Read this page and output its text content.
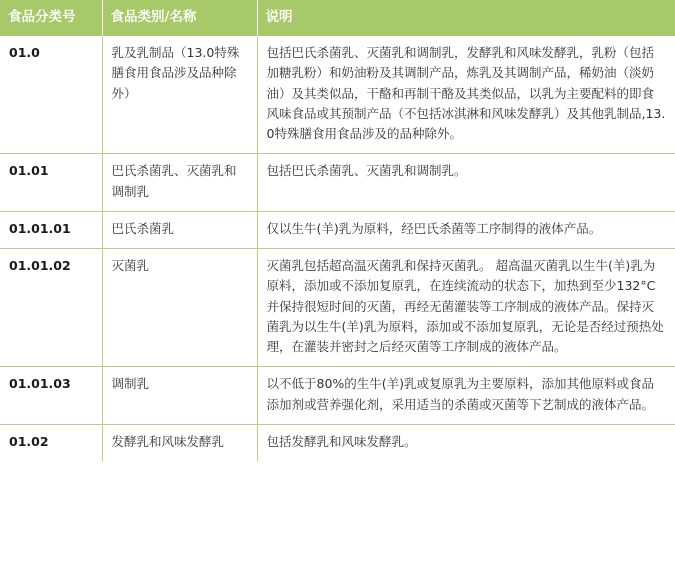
食品分类号	食品类别/名称	说明
01.0	乳及乳制品（13.0特殊膳食用食品涉及品种除外）	包括巴氏杀菌乳、灭菌乳和调制乳，发酵乳和风味发酵乳，乳粉（包括加糖乳粉）和奶油粉及其调制产品，炼乳及其调制产品，稀奶油（淡奶油）及其类似品，干酪和再制干酪及其类似品，以乳为主要配料的即食风味食品或其预制产品（不包括冰淇淋和风味发酵乳）及其他乳制品,13.0特殊膳食用食品涉及的品种除外。
01.01	巴氏杀菌乳、灭菌乳和调制乳	包括巴氏杀菌乳、灭菌乳和调制乳。
01.01.01	巴氏杀菌乳	仅以生牛(羊)乳为原料，经巴氏杀菌等工序制得的液体产品。
01.01.02	灭菌乳	灭菌乳包括超高温灭菌乳和保持灭菌乳。 超高温灭菌乳以生牛(羊)乳为原料，添加或不添加复原乳，在连续流动的状态下，加热到至少132°C并保持很短时间的灭菌，再经无菌灌装等工序制成的液体产品。保持灭菌乳为以生牛(羊)乳为原料，添加或不添加复原乳，无论是否经过预热处理，在灌装并密封之后经灭菌等工序制成的液体产品。
01.01.03	调制乳	以不低于80%的生牛(羊)乳或复原乳为主要原料，添加其他原料或食品添加剂或营养强化剂，采用适当的杀菌或灭菌等下艺制成的液体产品。
01.02	发酵乳和风味发酵乳	包括发酵乳和风味发酵乳。
